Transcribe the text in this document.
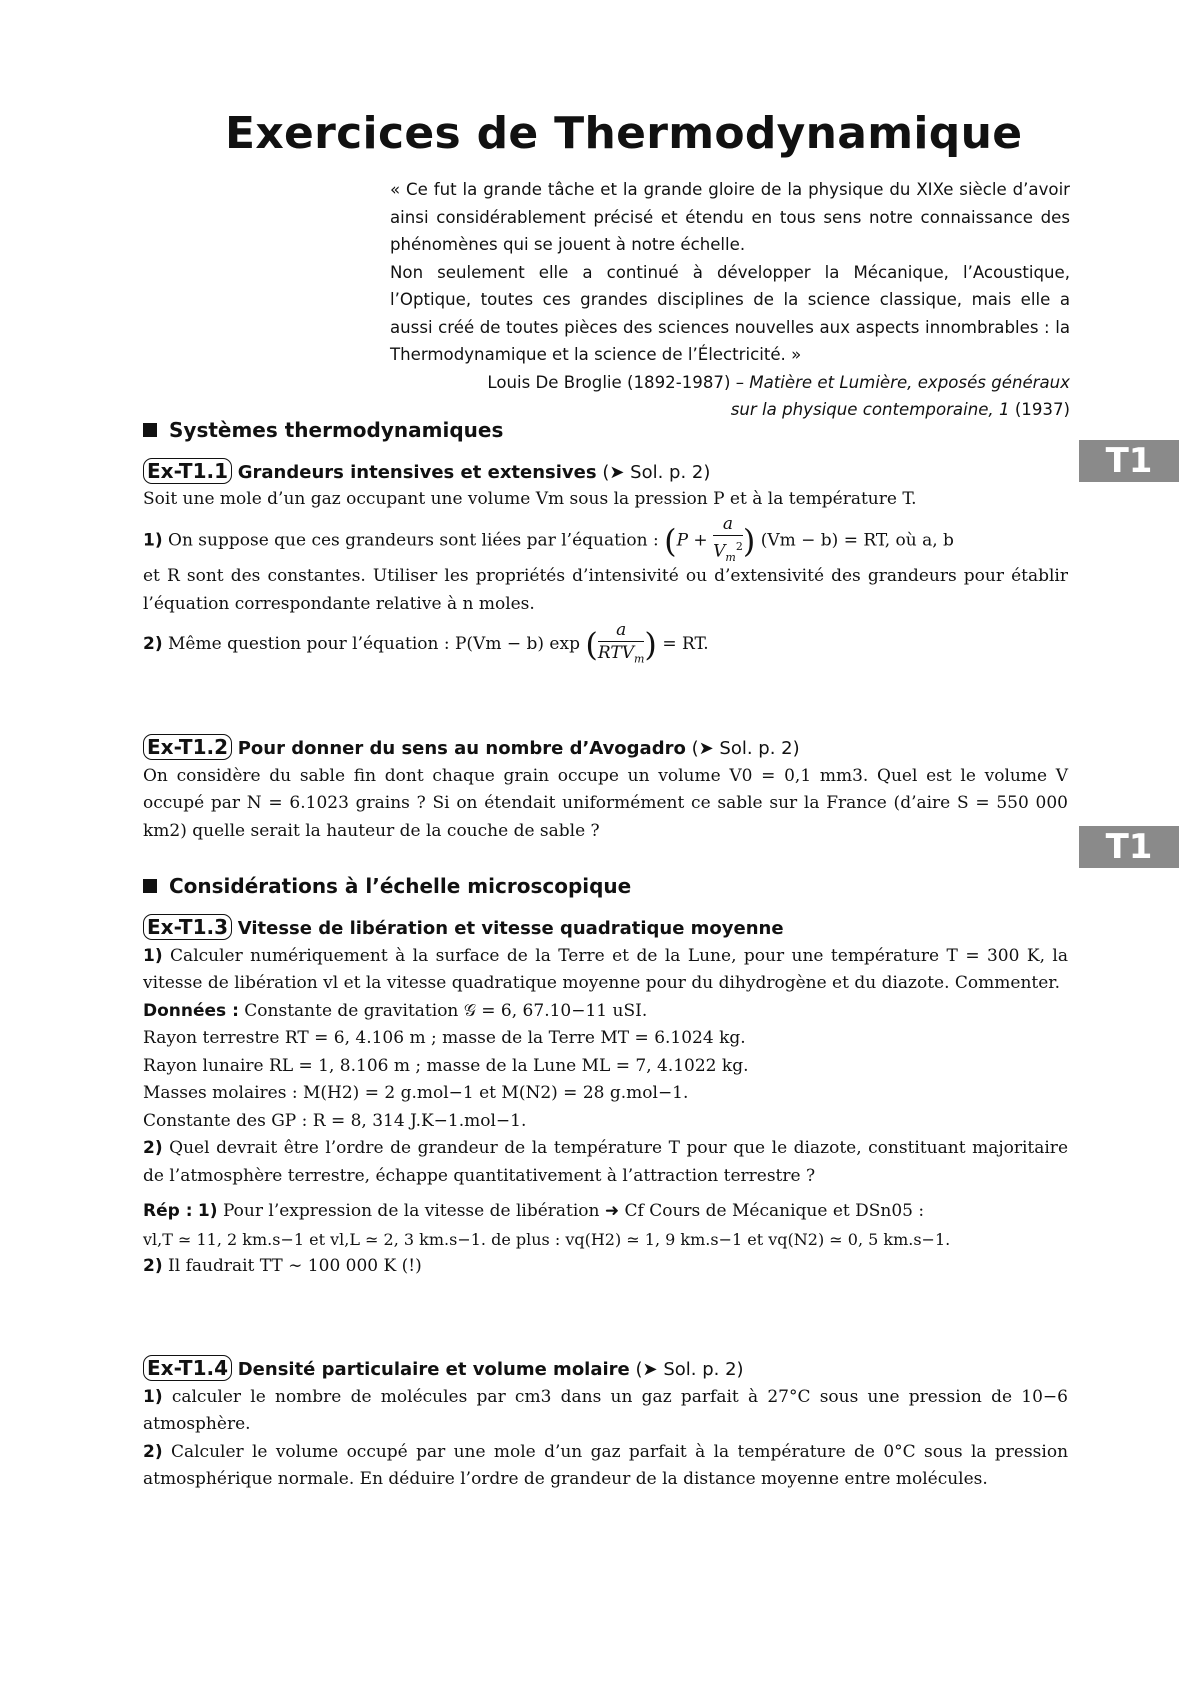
T1
T1
Exercices de Thermodynamique

« Ce fut la grande tâche et la grande gloire de la physique du XIXe siècle d’avoir ainsi considérablement précisé et étendu en tous sens notre connaissance des phénomènes qui se jouent à notre échelle.

Non seulement elle a continué à développer la Mécanique, l’Acoustique, l’Optique, toutes ces grandes disciplines de la science classique, mais elle a aussi créé de toutes pièces des sciences nouvelles aux aspects innombrables : la Thermodynamique et la science de l’Électricité. »

Louis De Broglie (1892-1987) – Matière et Lumière, exposés généraux

sur la physique contemporaine, 1 (1937)

Systèmes thermodynamiques

Ex-T1.1 Grandeurs intensives et extensives (➤ Sol. p. 2)

Soit une mole d’un gaz occupant une volume Vm sous la pression P et à la température T.

1) On suppose que ces grandeurs sont liées par l’équation : ($P + \frac{a}{V_m^2}$ ) (Vm − b) = RT, où a, b

et R sont des constantes. Utiliser les propriétés d’intensivité ou d’extensivité des grandeurs pour établir l’équation correspondante relative à n moles.

2) Même question pour l’équation : P(Vm − b) exp ( $\frac{a}{RTV_m}$ ) = RT.

Ex-T1.2 Pour donner du sens au nombre d’Avogadro (➤ Sol. p. 2)

On considère du sable fin dont chaque grain occupe un volume V0 = 0,1 mm3. Quel est le volume V occupé par N = 6.1023 grains ? Si on étendait uniformément ce sable sur la France (d’aire S = 550 000 km2) quelle serait la hauteur de la couche de sable ?

Considérations à l’échelle microscopique

Ex-T1.3 Vitesse de libération et vitesse quadratique moyenne

1) Calculer numériquement à la surface de la Terre et de la Lune, pour une température T = 300 K, la vitesse de libération vl et la vitesse quadratique moyenne pour du dihydrogène et du diazote. Commenter.

Données : Constante de gravitation 𝒢 = 6, 67.10−11 uSI.

Rayon terrestre RT = 6, 4.106 m ; masse de la Terre MT = 6.1024 kg.

Rayon lunaire RL = 1, 8.106 m ; masse de la Lune ML = 7, 4.1022 kg.

Masses molaires : M(H2) = 2 g.mol−1 et M(N2) = 28 g.mol−1.

Constante des GP : R = 8, 314 J.K−1.mol−1.

2) Quel devrait être l’ordre de grandeur de la température T pour que le diazote, constituant majoritaire de l’atmosphère terrestre, échappe quantitativement à l’attraction terrestre ?

Rép : 1) Pour l’expression de la vitesse de libération ➜ Cf Cours de Mécanique et DSn05 :

vl,T ≃ 11, 2 km.s−1 et vl,L ≃ 2, 3 km.s−1. de plus : vq(H2) ≃ 1, 9 km.s−1 et vq(N2) ≃ 0, 5 km.s−1.

2) Il faudrait TT ∼ 100 000 K (!)

Ex-T1.4 Densité particulaire et volume molaire (➤ Sol. p. 2)

1) calculer le nombre de molécules par cm3 dans un gaz parfait à 27°C sous une pression de 10−6 atmosphère.

2) Calculer le volume occupé par une mole d’un gaz parfait à la température de 0°C sous la pression atmosphérique normale. En déduire l’ordre de grandeur de la distance moyenne entre molécules.
